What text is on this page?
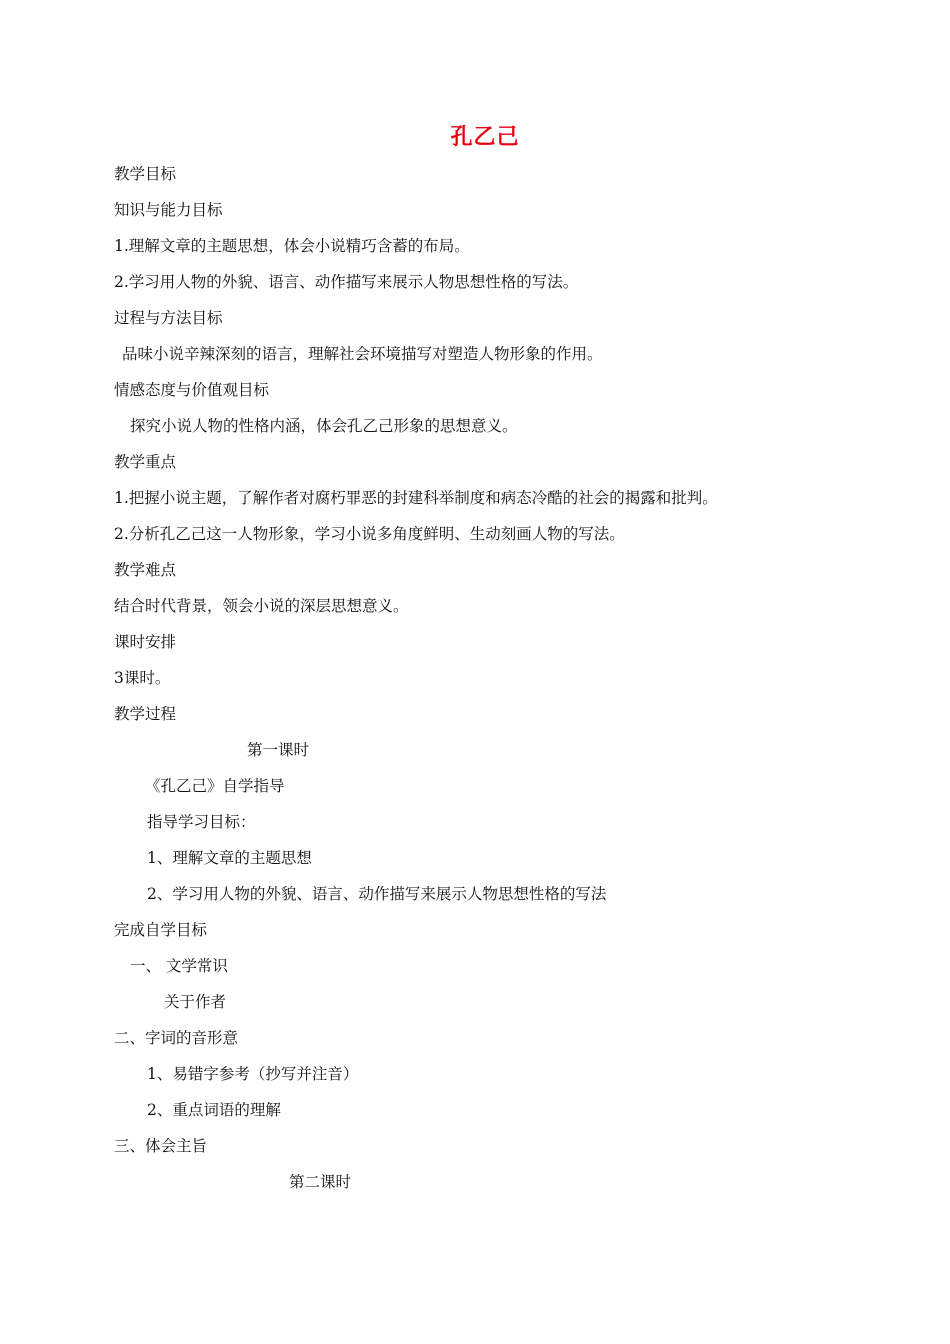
孔乙己
教学目标
知识与能力目标
1.理解文章的主题思想，体会小说精巧含蓄的布局。
2.学习用人物的外貌、语言、动作描写来展示人物思想性格的写法。
过程与方法目标
品味小说辛辣深刻的语言，理解社会环境描写对塑造人物形象的作用。
情感态度与价值观目标
探究小说人物的性格内涵，体会孔乙己形象的思想意义。
教学重点
1.把握小说主题，了解作者对腐朽罪恶的封建科举制度和病态冷酷的社会的揭露和批判。
2.分析孔乙己这一人物形象，学习小说多角度鲜明、生动刻画人物的写法。
教学难点
结合时代背景，领会小说的深层思想意义。
课时安排
3课时。
教学过程
第一课时
《孔乙己》自学指导
指导学习目标：
1、理解文章的主题思想
2、学习用人物的外貌、语言、动作描写来展示人物思想性格的写法
完成自学目标
一、 文学常识
关于作者
二、字词的音形意
1、易错字参考（抄写并注音）
2、重点词语的理解
三、体会主旨
第二课时
